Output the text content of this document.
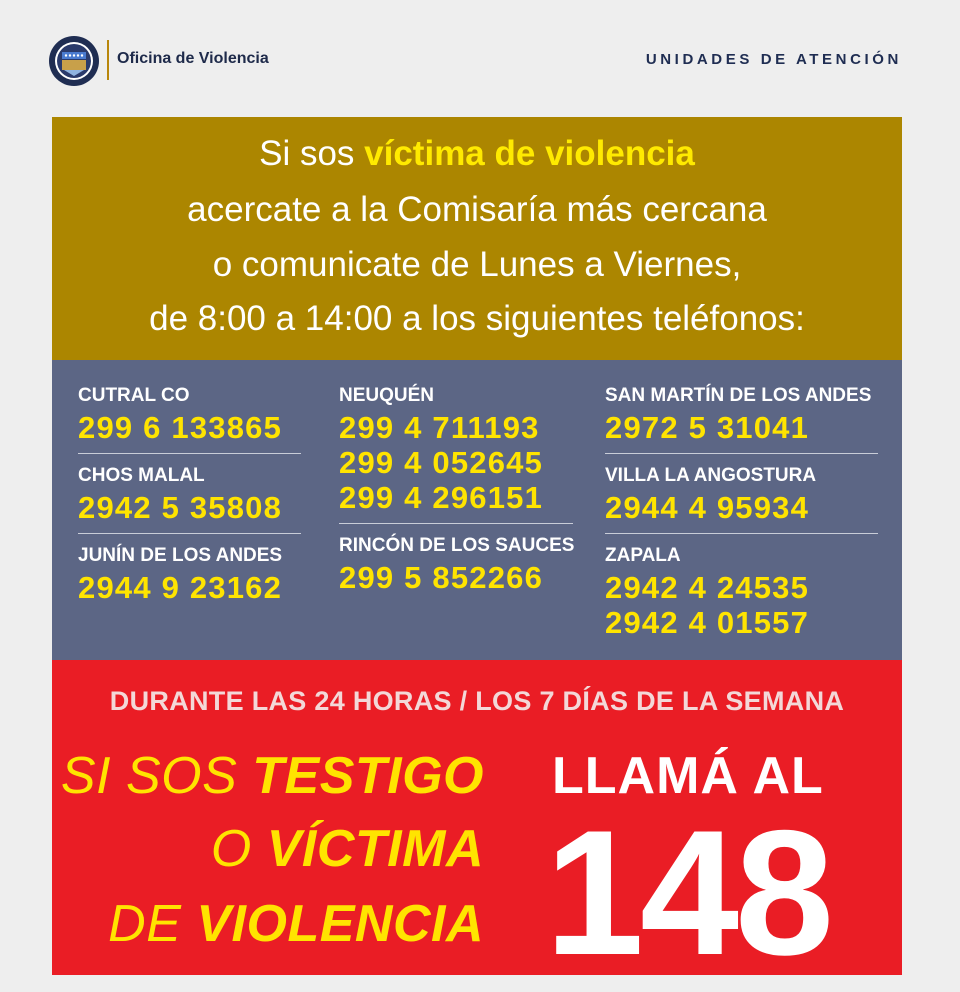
Oficina de Violencia	UNIDADES DE ATENCIÓN
Si sos víctima de violencia
acercate a la Comisaría más cercana
o comunicate de Lunes a Viernes,
de 8:00 a 14:00 a los siguientes teléfonos:
CUTRAL CO
299 6 133865
CHOS MALAL
2942 5 35808
JUNÍN DE LOS ANDES
2944 9 23162
NEUQUÉN
299 4 711193
299 4 052645
299 4 296151
RINCÓN DE LOS SAUCES
299 5 852266
SAN MARTÍN DE LOS ANDES
2972 5 31041
VILLA LA ANGOSTURA
2944 4 95934
ZAPALA
2942 4 24535
2942 4 01557
DURANTE LAS 24 HORAS / LOS 7 DÍAS DE LA SEMANA
SI SOS TESTIGO
O VÍCTIMA
DE VIOLENCIA
LLAMÁ AL
148
